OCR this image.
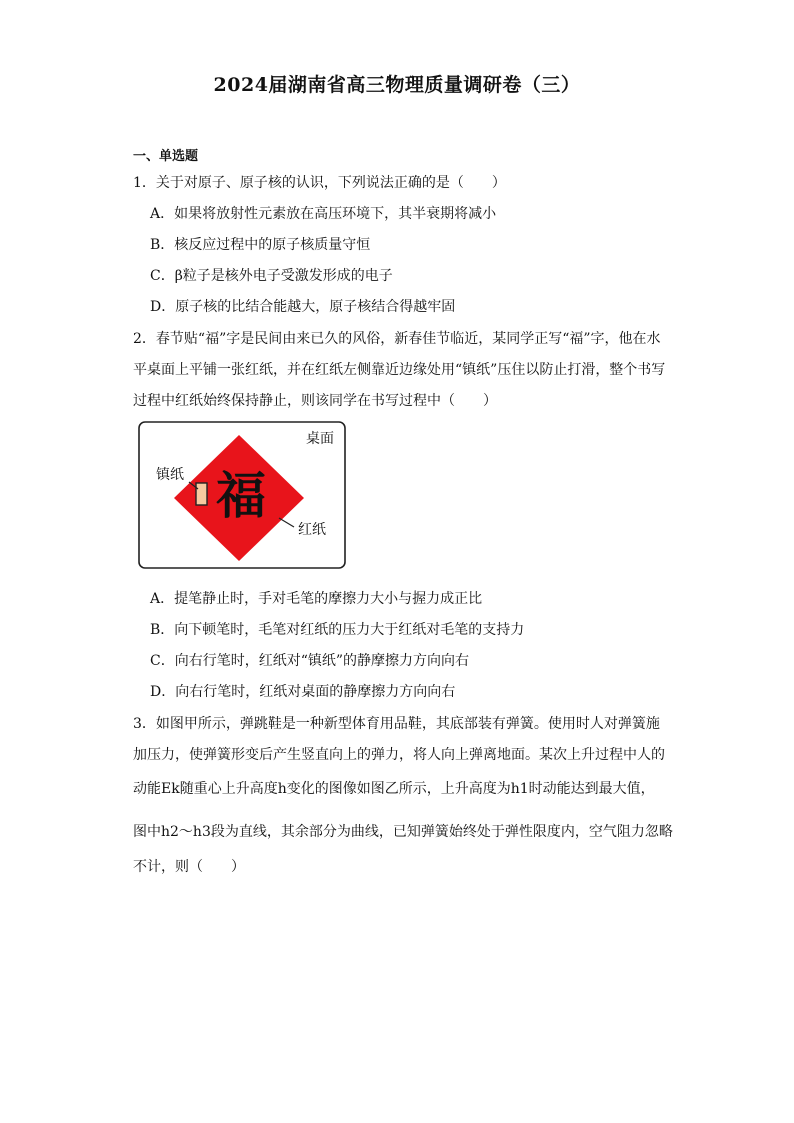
2024届湖南省高三物理质量调研卷（三）
一、单选题
1．关于对原子、原子核的认识，下列说法正确的是（　　）
A．如果将放射性元素放在高压环境下，其半衰期将减小
B．核反应过程中的原子核质量守恒
C．β粒子是核外电子受激发形成的电子
D．原子核的比结合能越大，原子核结合得越牢固
2．春节贴“福”字是民间由来已久的风俗，新春佳节临近，某同学正写“福”字，他在水
平桌面上平铺一张红纸，并在红纸左侧靠近边缘处用“镇纸”压住以防止打滑，整个书写
过程中红纸始终保持静止，则该同学在书写过程中（　　）
福
桌面
镇纸
红纸
A．提笔静止时，手对毛笔的摩擦力大小与握力成正比
B．向下顿笔时，毛笔对红纸的压力大于红纸对毛笔的支持力
C．向右行笔时，红纸对“镇纸”的静摩擦力方向向右
D．向右行笔时，红纸对桌面的静摩擦力方向向右
3．如图甲所示，弹跳鞋是一种新型体育用品鞋，其底部装有弹簧。使用时人对弹簧施
加压力，使弹簧形变后产生竖直向上的弹力，将人向上弹离地面。某次上升过程中人的
动能Ek随重心上升高度h变化的图像如图乙所示，上升高度为h1时动能达到最大值，
图中h2～h3段为直线，其余部分为曲线，已知弹簧始终处于弹性限度内，空气阻力忽略
不计，则（　　）
